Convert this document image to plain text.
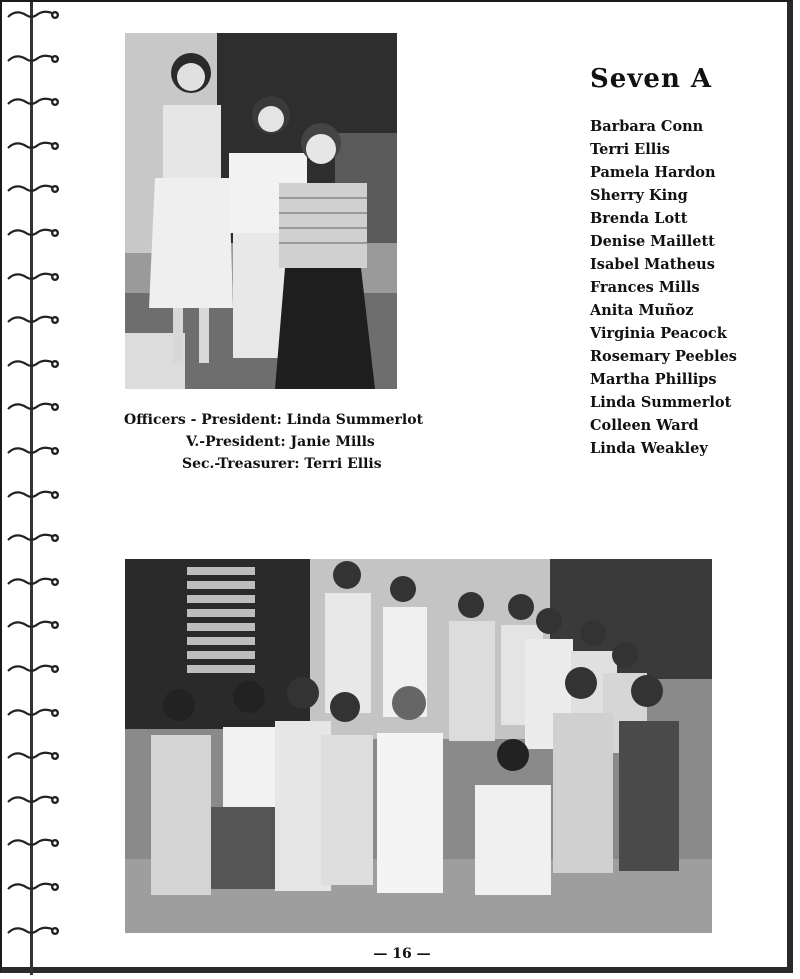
Seven A
Barbara Conn
Terri Ellis
Pamela Hardon
Sherry King
Brenda Lott
Denise Maillett
Isabel Matheus
Frances Mills
Anita Muñoz
Virginia Peacock
Rosemary Peebles
Martha Phillips
Linda Summerlot
Colleen Ward
Linda Weakley
Officers - President: Linda Summerlot
V.-President: Janie Mills
Sec.-Treasurer: Terri Ellis
— 16 —
